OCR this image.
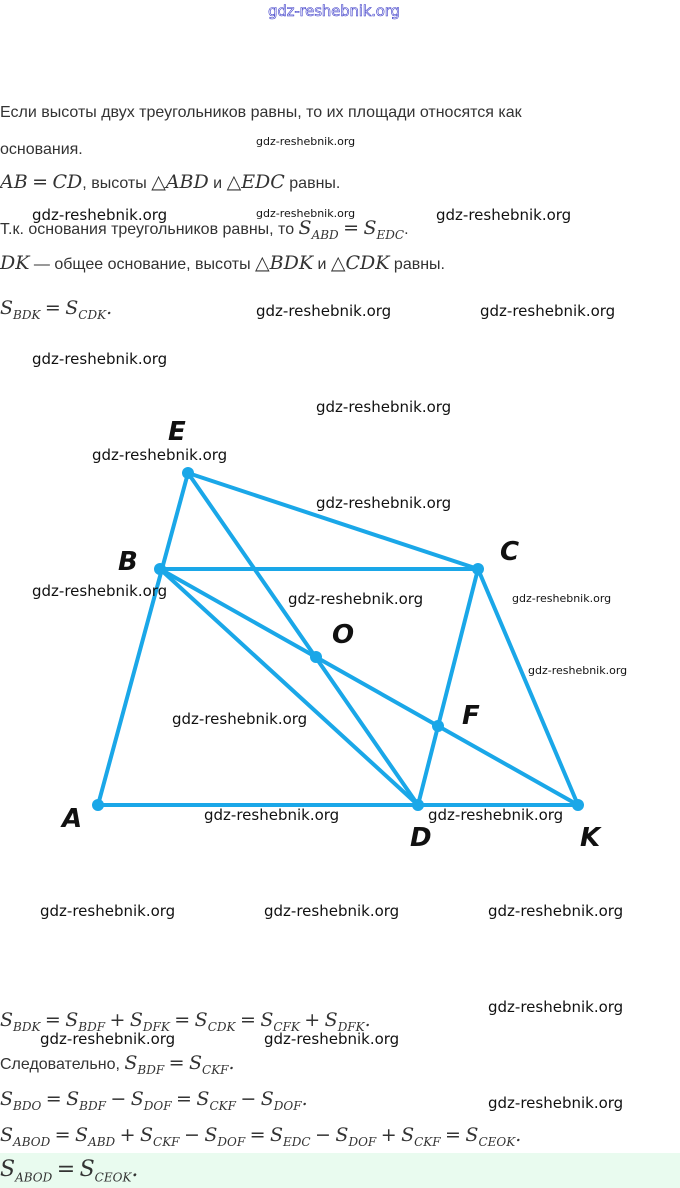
gdz-reshebnik.org
Если высоты двух треугольников равны, то их площади относятся как
основания.
AB = CD, высоты △ABD и △EDC равны.
Т.к. основания треугольников равны, то $S_{ABD} = S_{EDC}$.
DK — общее основание, высоты △BDK и △CDK равны.
$S_{BDK} = S_{CDK}$.
E
B	C
O
F
A
D	K
$S_{BDK} = S_{BDF} + S_{DFK} = S_{CDK} = S_{CFK} + S_{DFK}$.
Следовательно, $S_{BDF} = S_{CKF}$.
$S_{BDO} = S_{BDF} - S_{DOF} = S_{CKF} - S_{DOF}$.
$S_{ABOD} = S_{ABD} + S_{CKF} - S_{DOF} = S_{EDC} - S_{DOF} + S_{CKF} = S_{CEOK}$.
$S_{ABOD} = S_{CEOK}$.
gdz-reshebnik.org
gdz-reshebnik.org
gdz-reshebnik.org	gdz-reshebnik.org
gdz-reshebnik.org	gdz-reshebnik.org
gdz-reshebnik.org
gdz-reshebnik.org
gdz-reshebnik.org
gdz-reshebnik.org
gdz-reshebnik.org	gdz-reshebnik.org	gdz-reshebnik.org
gdz-reshebnik.org
gdz-reshebnik.org
gdz-reshebnik.org	gdz-reshebnik.org
gdz-reshebnik.org	gdz-reshebnik.org	gdz-reshebnik.org
gdz-reshebnik.org
gdz-reshebnik.org	gdz-reshebnik.org
gdz-reshebnik.org
